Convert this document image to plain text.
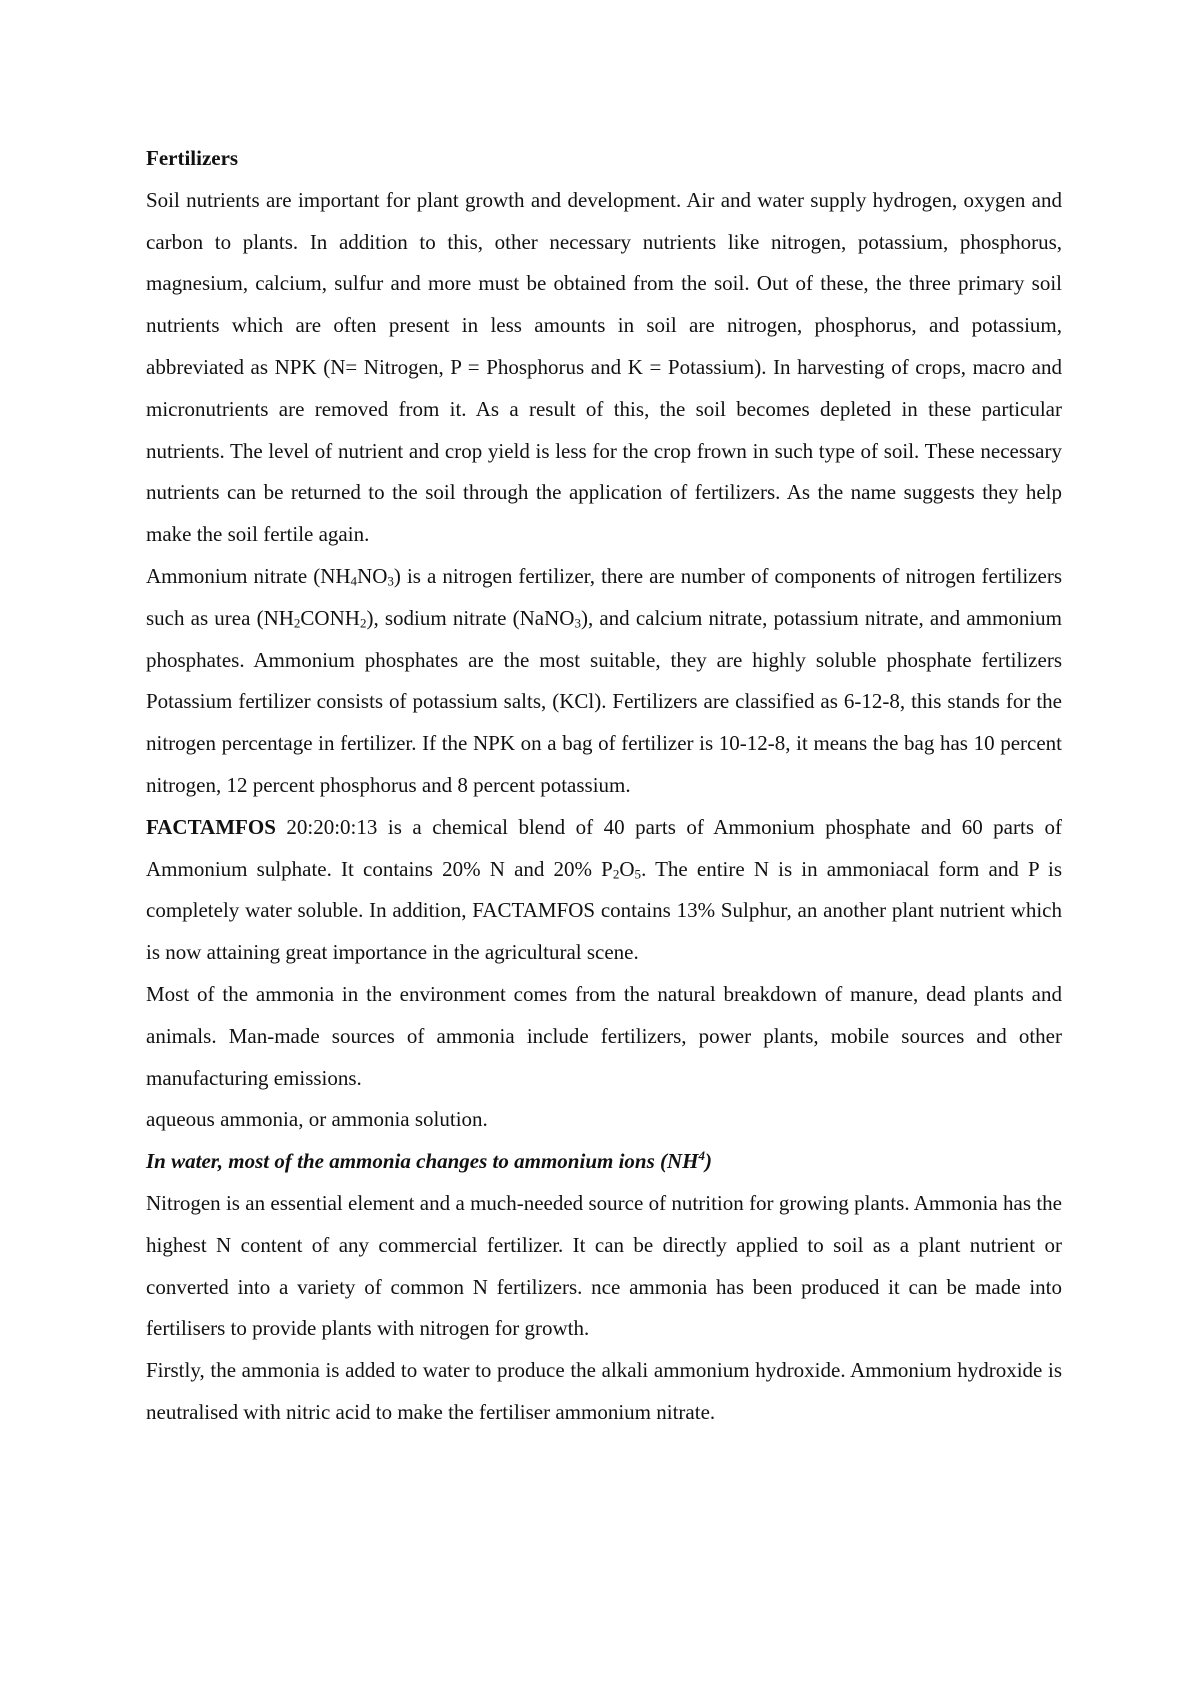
Fertilizers

Soil nutrients are important for plant growth and development. Air and water supply hydrogen, oxygen and carbon to plants. In addition to this, other necessary nutrients like nitrogen, potassium, phosphorus, magnesium, calcium, sulfur and more must be obtained from the soil. Out of these, the three primary soil nutrients which are often present in less amounts in soil are nitrogen, phosphorus, and potassium, abbreviated as NPK (N= Nitrogen, P = Phosphorus and K = Potassium). In harvesting of crops, macro and micronutrients are removed from it. As a result of this, the soil becomes depleted in these particular nutrients. The level of nutrient and crop yield is less for the crop frown in such type of soil. These necessary nutrients can be returned to the soil through the application of fertilizers. As the name suggests they help make the soil fertile again.

Ammonium nitrate $(NH_4NO_3)$ is a nitrogen fertilizer, there are number of components of nitrogen fertilizers such as urea $(NH_2CONH_2)$, sodium nitrate (NaNO$_3$), and calcium nitrate, potassium nitrate, and ammonium phosphates. Ammonium phosphates are the most suitable, they are highly soluble phosphate fertilizers Potassium fertilizer consists of potassium salts, (KCl). Fertilizers are classified as 6-12-8, this stands for the nitrogen percentage in fertilizer. If the NPK on a bag of fertilizer is 10-12-8, it means the bag has 10 percent nitrogen, 12 percent phosphorus and 8 percent potassium.

FACTAMFOS 20:20:0:13 is a chemical blend of 40 parts of Ammonium phosphate and 60 parts of Ammonium sulphate. It contains 20% N and 20% $P_2O_5$. The entire N is in ammoniacal form and P is completely water soluble. In addition, FACTAMFOS contains 13% Sulphur, an another plant nutrient which is now attaining great importance in the agricultural scene.

Most of the ammonia in the environment comes from the natural breakdown of manure, dead plants and animals. Man-made sources of ammonia include fertilizers, power plants, mobile sources and other manufacturing emissions.

aqueous ammonia, or ammonia solution.

In water, most of the ammonia changes to ammonium ions $(NH^4)$

Nitrogen is an essential element and a much-needed source of nutrition for growing plants. Ammonia has the highest N content of any commercial fertilizer. It can be directly applied to soil as a plant nutrient or converted into a variety of common N fertilizers. nce ammonia has been produced it can be made into fertilisers to provide plants with nitrogen for growth.

Firstly, the ammonia is added to water to produce the alkali ammonium hydroxide. Ammonium hydroxide is neutralised with nitric acid to make the fertiliser ammonium nitrate.
